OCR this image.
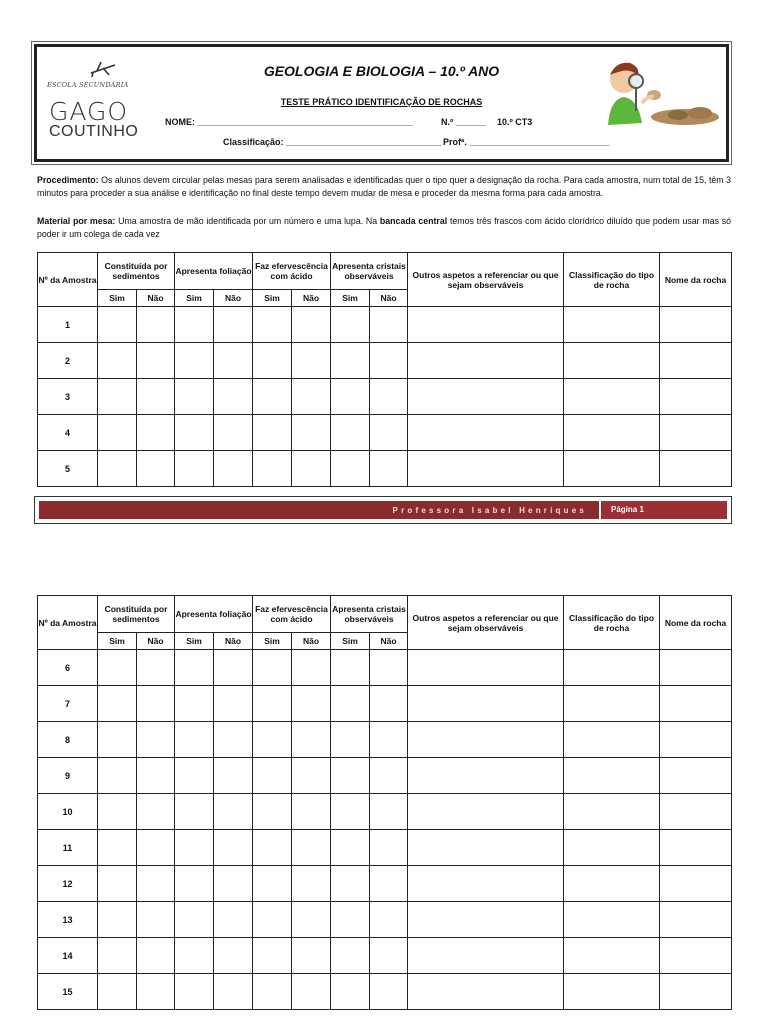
ESCOLA SECUNDÁRIA
GAGO
COUTINHO
GEOLOGIA E BIOLOGIA – 10.º ANO
TESTE PRÁTICO IDENTIFICAÇÃO DE ROCHAS
NOME: ___________________________________________	N.º ______ 10.º CT3
Classificação: _______________________________ Profª. ____________________________
Procedimento: Os alunos devem circular pelas mesas para serem analisadas e identificadas quer o tipo quer a designação da rocha. Para cada amostra, num total de 15, têm 3 minutos para proceder a sua análise e identificação no final deste tempo devem mudar de mesa e proceder da mesma forma para cada amostra.
Material por mesa: Uma amostra de mão identificada por um número e uma lupa. Na bancada central temos três frascos com ácido clorídrico diluído que podem usar mas só poder ir um colega de cada vez
Nº da Amostra	Constituída por sedimentos		Apresenta foliação		Faz efervescência com ácido		Apresenta cristais observáveis		Outros aspetos a referenciar ou que sejam observáveis	Classificação do tipo de rocha	Nome da rocha
	Sim	Não	Sim	Não	Sim	Não	Sim	Não			
1											
2											
3											
4											
5											
Professora Isabel Henriques	Página 1
Nº da Amostra	Constituída por sedimentos		Apresenta foliação		Faz efervescência com ácido		Apresenta cristais observáveis		Outros aspetos a referenciar ou que sejam observáveis	Classificação do tipo de rocha	Nome da rocha
	Sim	Não	Sim	Não	Sim	Não	Sim	Não			
6											
7											
8											
9											
10											
11											
12											
13											
14											
15											
